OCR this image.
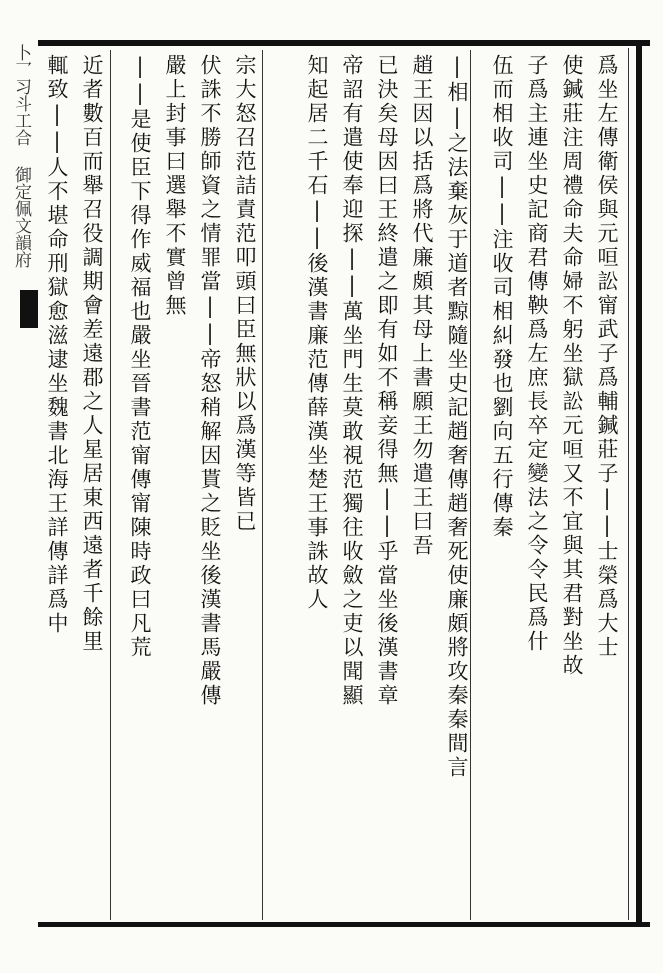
卜乛习斗工合 御定佩文韻府	爲坐左傳衛侯與元咺訟甯武子爲輔鍼莊子||士榮爲大士
使鍼莊注周禮命夫命婦不躬坐獄訟元咺又不宜與其君對坐故
子爲主連坐史記商君傳鞅爲左庶長卒定變法之令令民爲什
伍而相收司||注收司相糾發也劉向五行傳秦
|相|之法棄灰于道者黥隨坐史記趙奢傳趙奢死使廉頗將攻秦秦間言
趙王因以括爲將代廉頗其母上書願王勿遣王曰吾
已決矣母因曰王終遣之即有如不稱妾得無||乎當坐後漢書章
帝詔有遣使奉迎探||萬坐門生莫敢視范獨往收斂之吏以聞顯
知起居二千石||後漢書廉范傳薛漢坐楚王事誅故人
宗大怒召范詰責范叩頭曰臣無狀以爲漢等皆已
伏誅不勝師資之情罪當||帝怒稍解因貰之貶坐後漢書馬嚴傳
嚴上封事曰選舉不實曾無
||是使臣下得作威福也嚴坐晉書范甯傳甯陳時政曰凡荒
近者數百而舉召役調期會差遠郡之人星居東西遠者千餘里
輒致||人不堪命刑獄愈滋逮坐魏書北海王詳傳詳爲中
